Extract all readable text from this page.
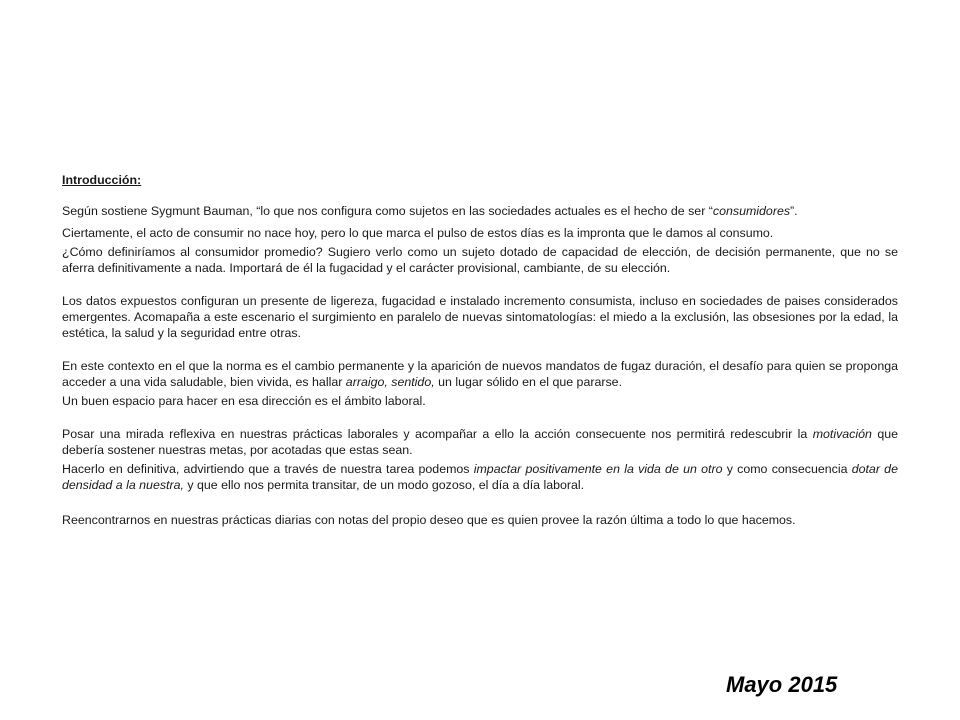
Introducción:

Según sostiene Sygmunt Bauman, “lo que nos configura como sujetos en las sociedades actuales es el hecho de ser “consumidores”.

Ciertamente, el acto de consumir no nace hoy, pero lo que marca el pulso de estos días es la impronta que le damos al consumo.

¿Cómo definiríamos al consumidor promedio? Sugiero verlo como un sujeto dotado de capacidad de elección, de decisión permanente, que no se aferra definitivamente a nada. Importará de él la fugacidad y el carácter provisional, cambiante, de su elección.

Los datos expuestos configuran un presente de ligereza, fugacidad e instalado incremento consumista, incluso en sociedades de paises considerados emergentes. Acomapaña a este escenario el surgimiento en paralelo de nuevas sintomatologías: el miedo a la exclusión, las obsesiones por la edad, la estética, la salud y la seguridad entre otras.

En este contexto en el que la norma es el cambio permanente y la aparición de nuevos mandatos de fugaz duración, el desafío para quien se proponga acceder a una vida saludable, bien vivida, es hallar arraigo, sentido, un lugar sólido en el que pararse.

Un buen espacio para hacer en esa dirección es el ámbito laboral.

Posar una mirada reflexiva en nuestras prácticas laborales y acompañar a ello la acción consecuente nos permitirá redescubrir la motivación que debería sostener nuestras metas, por acotadas que estas sean.

Hacerlo en definitiva, advirtiendo que a través de nuestra tarea podemos impactar positivamente en la vida de un otro y como consecuencia dotar de densidad a la nuestra, y que ello nos permita transitar, de un modo gozoso, el día a día laboral.

Reencontrarnos en nuestras prácticas diarias con notas del propio deseo que es quien provee la razón última a todo lo que hacemos.

Mayo 2015
